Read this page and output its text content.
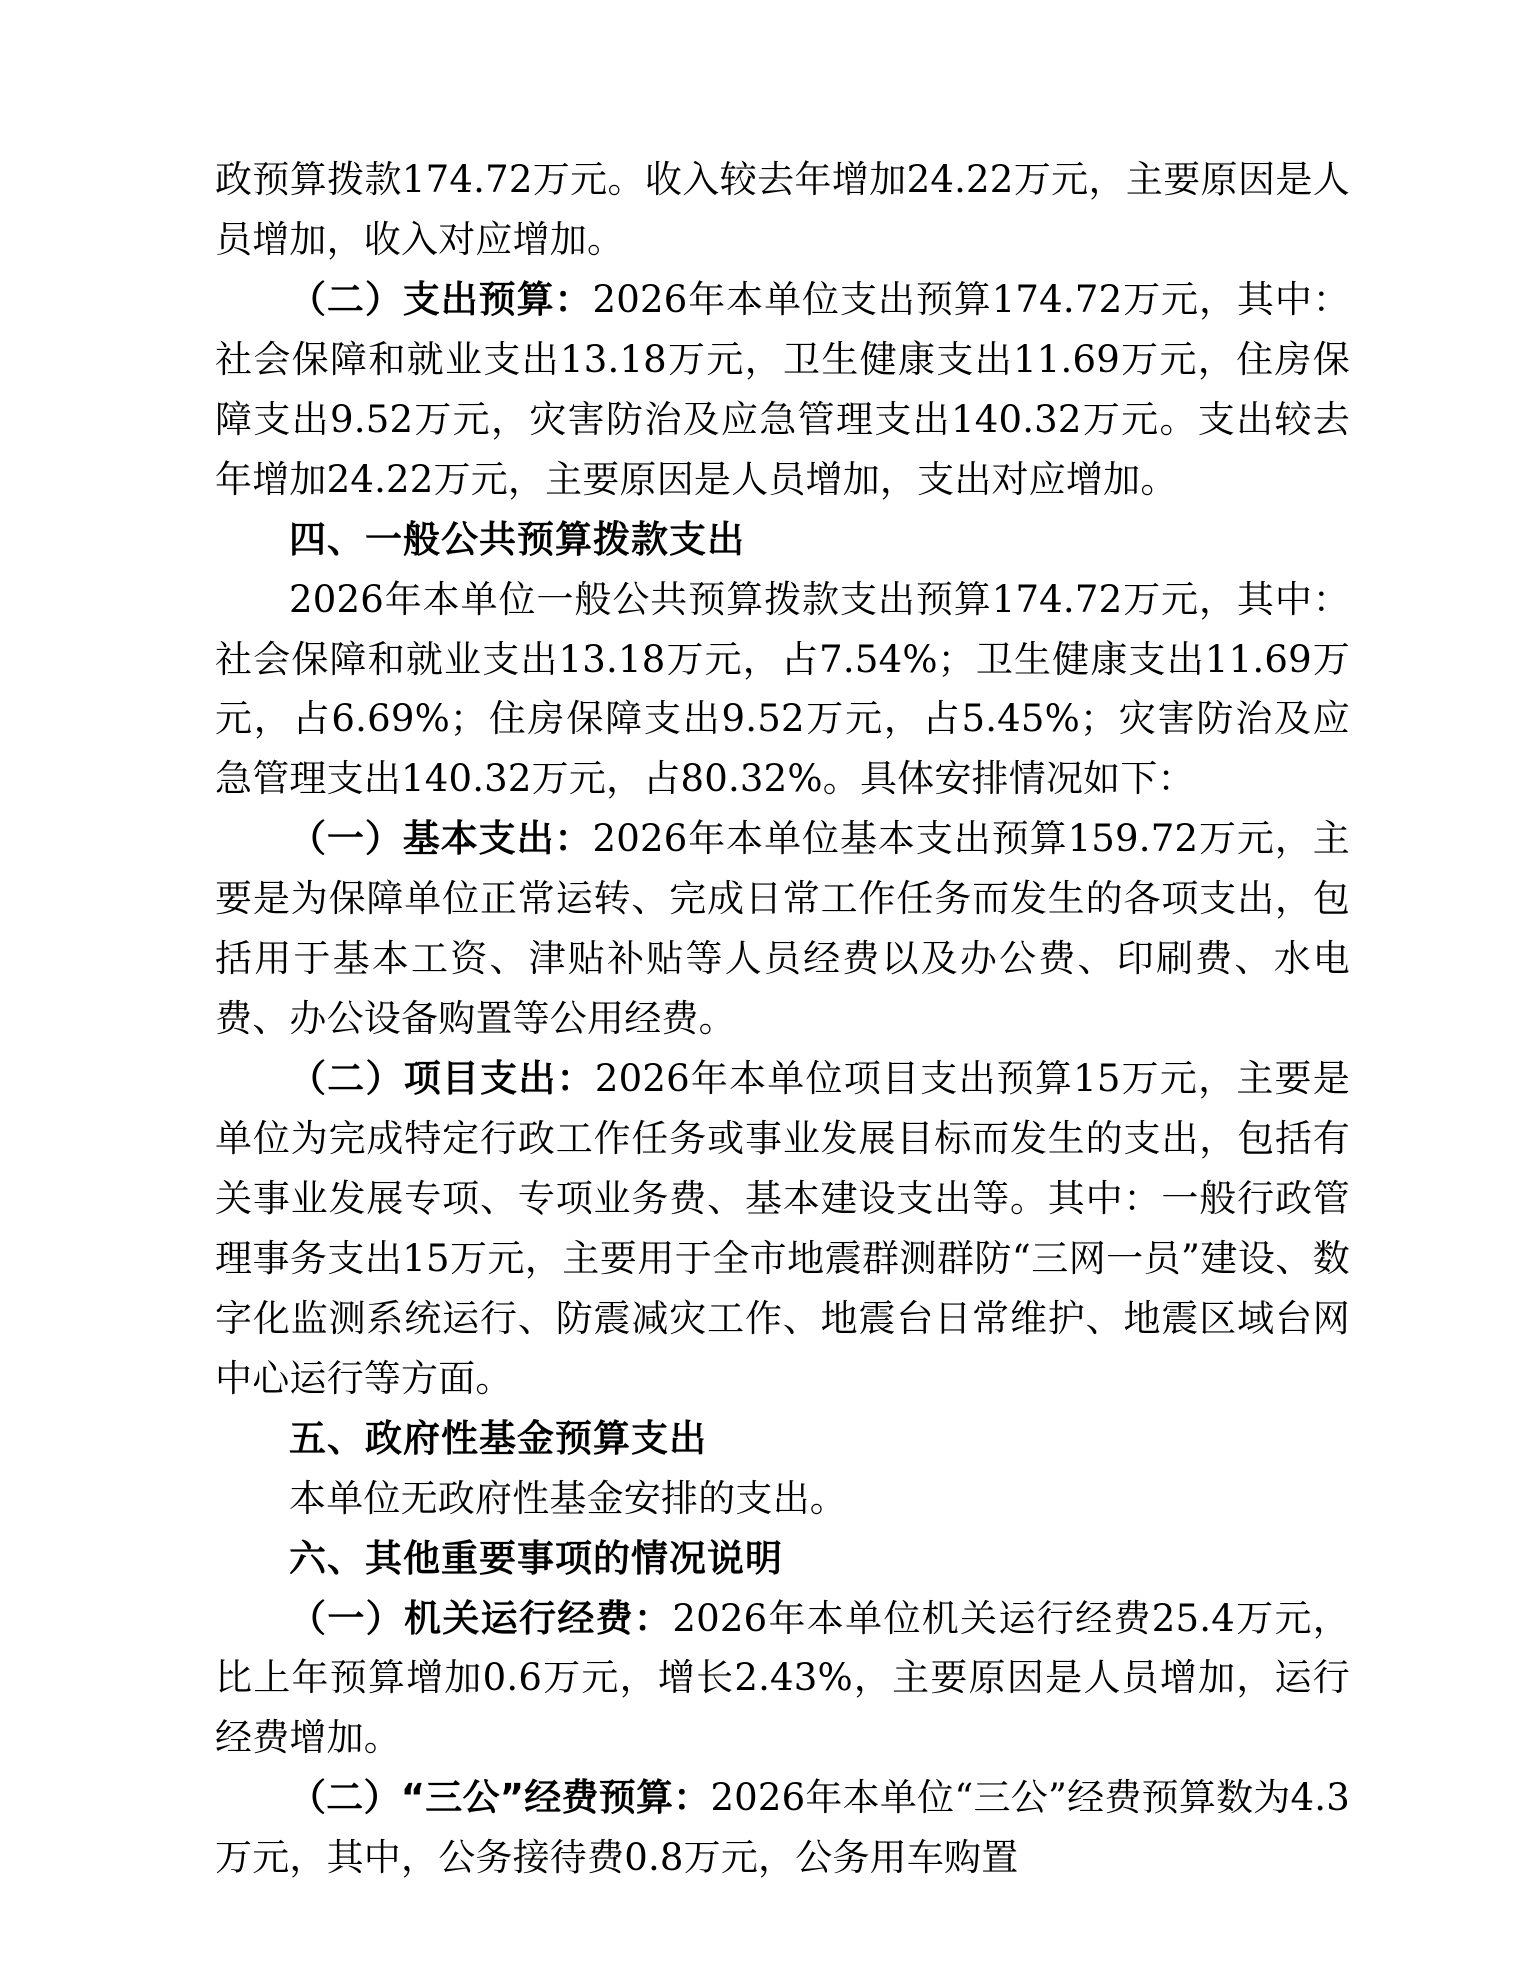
政预算拨款174.72万元。收入较去年增加24.22万元，主要原因是人员增加，收入对应增加。

（二）支出预算：2026年本单位支出预算174.72万元，其中：社会保障和就业支出13.18万元，卫生健康支出11.69万元，住房保障支出9.52万元，灾害防治及应急管理支出140.32万元。支出较去年增加24.22万元，主要原因是人员增加，支出对应增加。

四、一般公共预算拨款支出

2026年本单位一般公共预算拨款支出预算174.72万元，其中：社会保障和就业支出13.18万元，占7.54%；卫生健康支出11.69万元，占6.69%；住房保障支出9.52万元，占5.45%；灾害防治及应急管理支出140.32万元，占80.32%。具体安排情况如下：

（一）基本支出：2026年本单位基本支出预算159.72万元，主要是为保障单位正常运转、完成日常工作任务而发生的各项支出，包括用于基本工资、津贴补贴等人员经费以及办公费、印刷费、水电费、办公设备购置等公用经费。

（二）项目支出：2026年本单位项目支出预算15万元，主要是单位为完成特定行政工作任务或事业发展目标而发生的支出，包括有关事业发展专项、专项业务费、基本建设支出等。其中：一般行政管理事务支出15万元，主要用于全市地震群测群防“三网一员”建设、数字化监测系统运行、防震减灾工作、地震台日常维护、地震区域台网中心运行等方面。

五、政府性基金预算支出

本单位无政府性基金安排的支出。

六、其他重要事项的情况说明

（一）机关运行经费：2026年本单位机关运行经费25.4万元，比上年预算增加0.6万元，增长2.43%，主要原因是人员增加，运行经费增加。

（二）“三公”经费预算：2026年本单位“三公”经费预算数为4.3万元，其中，公务接待费0.8万元，公务用车购置
